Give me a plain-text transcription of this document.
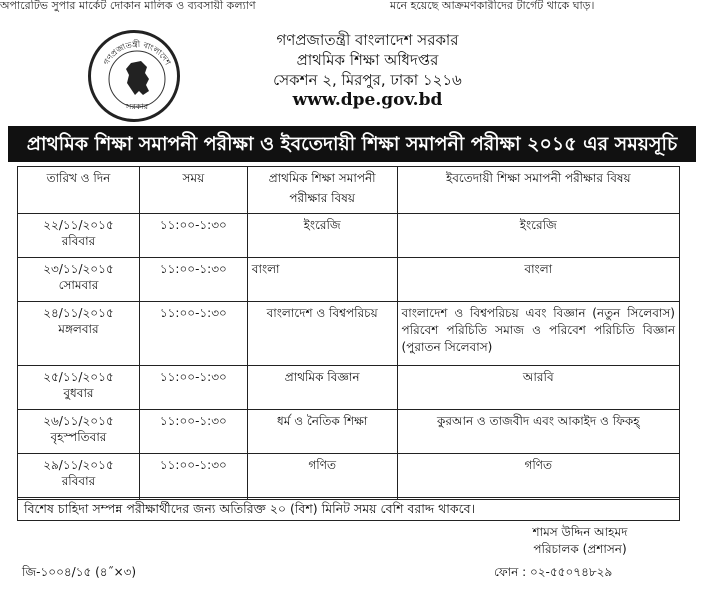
অপারেটিভ সুপার মার্কেট দোকান মালিক ও ব্যবসায়ী কল্যাণ	মনে হয়েছে আক্রমণকারীদের টার্গেট থাকে ঘাড়।
গণপ্রজাতন্ত্রী বাংলাদেশ
সরকার
গণপ্রজাতন্ত্রী বাংলাদেশ সরকার
প্রাথমিক শিক্ষা অধিদপ্তর
সেকশন ২, মিরপুর, ঢাকা ১২১৬
www.dpe.gov.bd
প্রাথমিক শিক্ষা সমাপনী পরীক্ষা ও ইবতেদায়ী শিক্ষা সমাপনী পরীক্ষা ২০১৫ এর সময়সূচি
তারিখ ও দিন	সময়	প্রাথমিক শিক্ষা সমাপনী পরীক্ষার বিষয়	ইবতেদায়ী শিক্ষা সমাপনী পরীক্ষার বিষয়

২২/১১/২০১৫
রবিবার	১১:০০-১:৩০	ইংরেজি	ইংরেজি

২৩/১১/২০১৫
সোমবার	১১:০০-১:৩০	বাংলা	বাংলা

২৪/১১/২০১৫
মঙ্গলবার	১১:০০-১:৩০	বাংলাদেশ ও বিশ্বপরিচয়	বাংলাদেশ ও বিশ্বপরিচয় এবং বিজ্ঞান (নতুন সিলেবাস) পরিবেশ পরিচিতি সমাজ ও পরিবেশ পরিচিতি বিজ্ঞান (পুরাতন সিলেবাস)

২৫/১১/২০১৫
বুধবার	১১:০০-১:৩০	প্রাথমিক বিজ্ঞান	আরবি

২৬/১১/২০১৫
বৃহস্পতিবার	১১:০০-১:৩০	ধর্ম ও নৈতিক শিক্ষা	কুরআন ও তাজবীদ এবং আকাইদ ও ফিকহ্

২৯/১১/২০১৫
রবিবার	১১:০০-১:৩০	গণিত	গণিত
বিশেষ চাহিদা সম্পন্ন পরীক্ষার্থীদের জন্য অতিরিক্ত ২০ (বিশ) মিনিট সময় বেশি বরাদ্দ থাকবে।
শামস উদ্দিন আহমদ
পরিচালক (প্রশাসন)
জি-১০০৪/১৫ (৪˝×৩)	ফোন : ০২-৫৫০৭৪৮২৯
